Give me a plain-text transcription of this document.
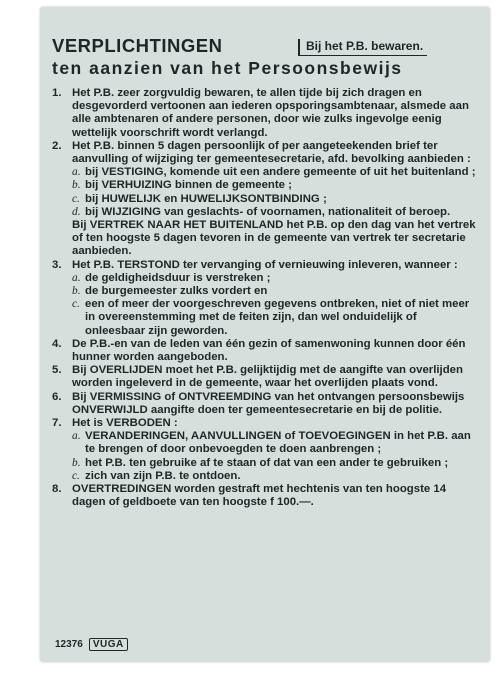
Bij het P.B. bewaren.
VERPLICHTINGEN
ten aanzien van het Persoonsbewijs
1. Het P.B. zeer zorgvuldig bewaren, te allen tijde bij zich dragen en desgevorderd vertoonen aan iederen opsporingsambtenaar, alsmede aan alle ambtenaren of andere personen, door wie zulks ingevolge eenig wettelijk voorschrift wordt verlangd.
2. Het P.B. binnen 5 dagen persoonlijk of per aangeteekenden brief ter aanvulling of wijziging ter gemeentesecretarie, afd. bevolking aanbieden :
a. bij VESTIGING, komende uit een andere gemeente of uit het buitenland ;
b. bij VERHUIZING binnen de gemeente ;
c. bij HUWELIJK en HUWELIJKSONTBINDING ;
d. bij WIJZIGING van geslachts- of voornamen, nationaliteit of beroep.
Bij VERTREK NAAR HET BUITENLAND het P.B. op den dag van het vertrek of ten hoogste 5 dagen tevoren in de gemeente van vertrek ter secretarie aanbieden.
3. Het P.B. TERSTOND ter vervanging of vernieuwing inleveren, wanneer :
a. de geldigheidsduur is verstreken ;
b. de burgemeester zulks vordert en
c. een of meer der voorgeschreven gegevens ontbreken, niet of niet meer in overeenstemming met de feiten zijn, dan wel onduidelijk of onleesbaar zijn geworden.
4. De P.B.-en van de leden van één gezin of samenwoning kunnen door één hunner worden aangeboden.
5. Bij OVERLIJDEN moet het P.B. gelijktijdig met de aangifte van overlijden worden ingeleverd in de gemeente, waar het overlijden plaats vond.
6. Bij VERMISSING of ONTVREEMDING van het ontvangen persoonsbewijs ONVERWIJLD aangifte doen ter gemeentesecretarie en bij de politie.
7. Het is VERBODEN :
a. VERANDERINGEN, AANVULLINGEN of TOEVOEGINGEN in het P.B. aan te brengen of door onbevoegden te doen aanbrengen ;
b. het P.B. ten gebruike af te staan of dat van een ander te gebruiken ;
c. zich van zijn P.B. te ontdoen.
8. OVERTREDINGEN worden gestraft met hechtenis van ten hoogste 14 dagen of geldboete van ten hoogste f 100.—.
12376	VUGA
